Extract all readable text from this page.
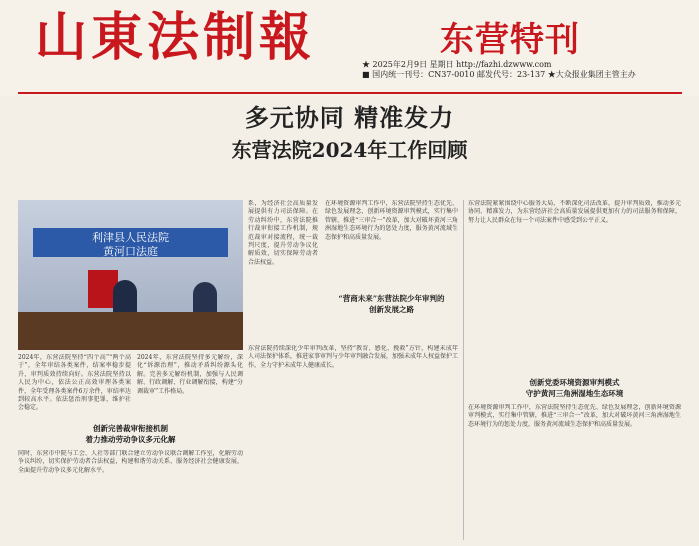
山東法制報	东营特刊
★ 2025年2月9日 星期日 http://fazhi.dzwww.com
■ 国内统一刊号：CN37-0010 邮发代号：23-137 ★大众报业集团主管主办
多元协同 精准发力
东营法院2024年工作回顾
利津县人民法院
黄河口法庭
2024年，东营法院坚持“四个高”“两个高于”，全年审结各类案件，结案率稳步提升，审判质效持续向好。东营法院坚持以人民为中心，依法公正高效审理各类案件，全年受理各类案件6万余件，审结率达到较高水平。依法惩治刑事犯罪，维护社会稳定。
2024年，东营法院坚持多元解纷，深化“诉源治理”，推动矛盾纠纷源头化解。完善多元解纷机制，加强与人民调解、行政调解、行业调解衔接，构建“分调裁审”工作格局。
创新完善裁审衔接机制
着力推动劳动争议多元化解
同时，东营市中院与工会、人社等部门联合建立劳动争议联合调解工作室，化解劳动争议纠纷，切实保护劳动者合法权益，构建和谐劳动关系，服务经济社会健康发展，全面提升劳动争议多元化解水平。
系，为经济社会高质量发展提供有力司法保障。在劳动纠纷中，东营法院推行裁审衔接工作机制，规范裁审对接流程，统一裁判尺度，提升劳动争议化解质效，切实保障劳动者合法权益。
东营法院持续深化少年审判改革，坚持“教育、感化、挽救”方针，构建未成年人司法保护体系，推进家事审判与少年审判融合发展，加强未成年人权益保护工作，全力守护未成年人健康成长。
在环境资源审判工作中，东营法院坚持生态优先、绿色发展理念，创新环境资源审判模式，实行集中管辖，推进“三审合一”改革，加大对破坏黄河三角洲湿地生态环境行为的惩处力度，服务黄河流域生态保护和高质量发展。
“营商未来”东营法院少年审判的
创新发展之路
东营法院紧紧围绕中心服务大局，不断深化司法改革，提升审判质效，推动多元协同、精准发力，为东营经济社会高质量发展提供更加有力的司法服务和保障，努力让人民群众在每一个司法案件中感受到公平正义。
创新党委环境资源审判模式
守护黄河三角洲湿地生态环境
在环境资源审判工作中，东营法院坚持生态优先、绿色发展理念，创新环境资源审判模式，实行集中管辖，推进“三审合一”改革，加大对破坏黄河三角洲湿地生态环境行为的惩处力度，服务黄河流域生态保护和高质量发展。
